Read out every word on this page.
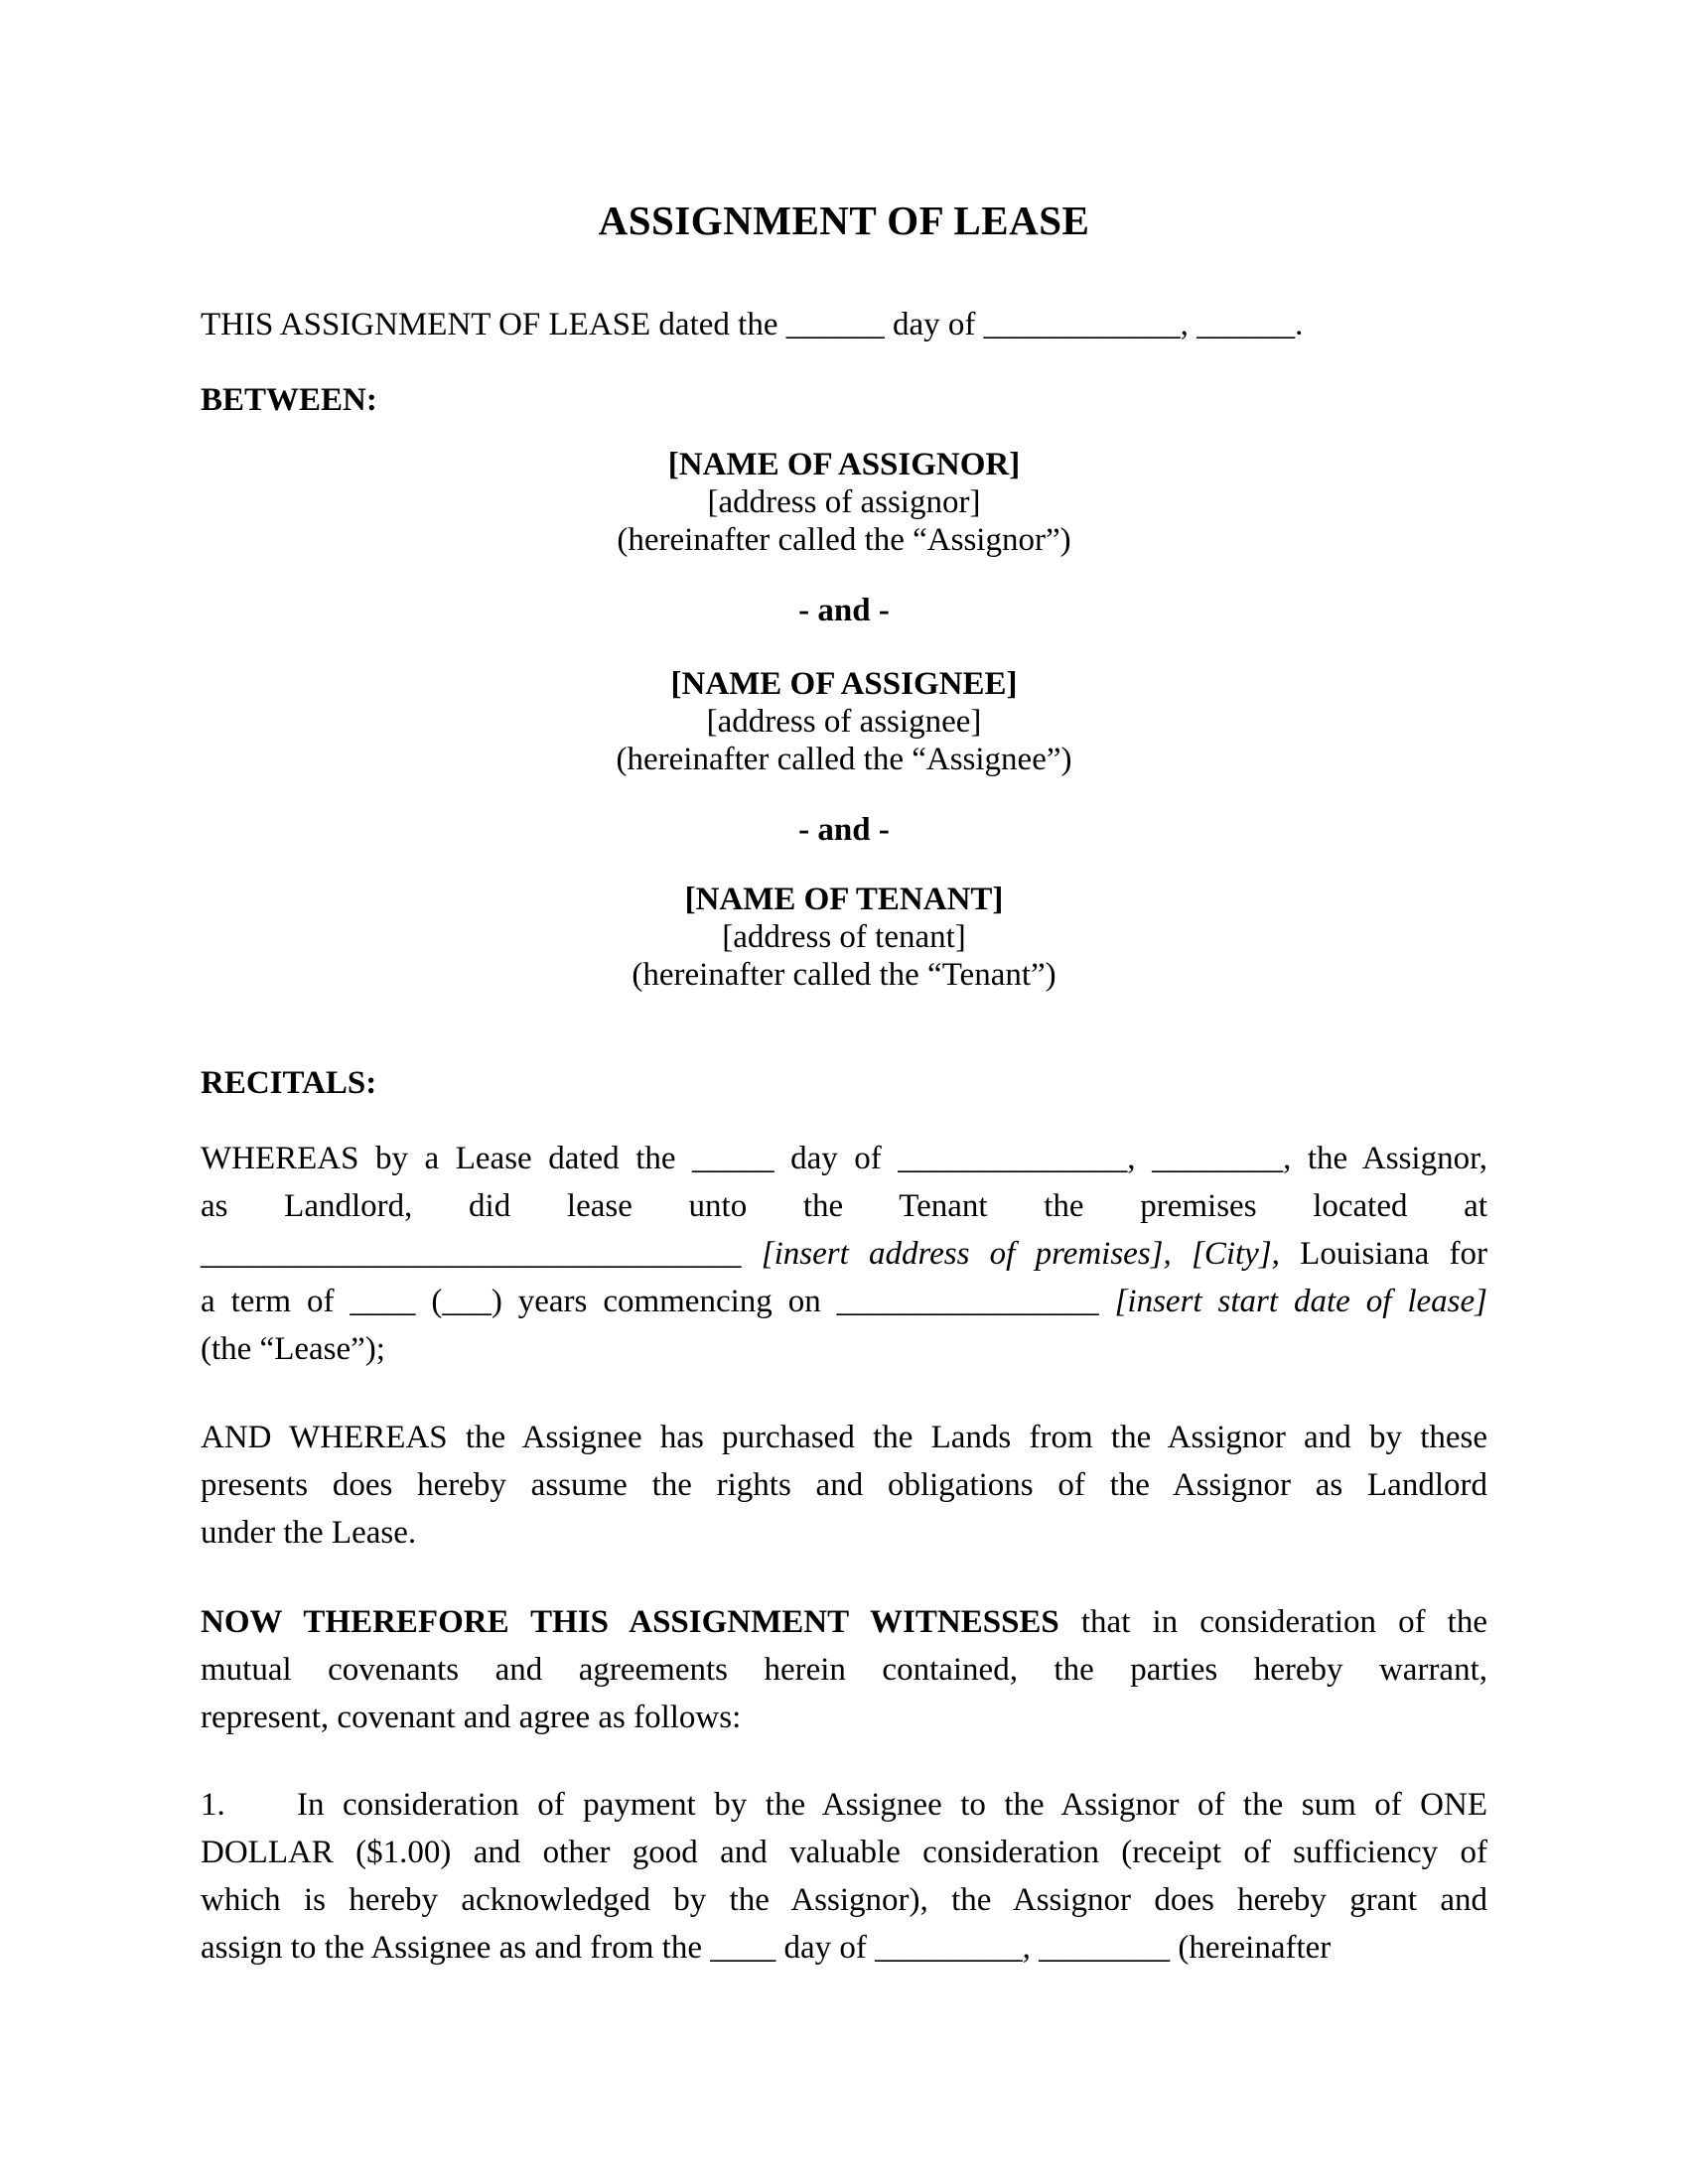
ASSIGNMENT OF LEASE
THIS ASSIGNMENT OF LEASE dated the ______ day of ____________, ______.
BETWEEN:
[NAME OF ASSIGNOR]
[address of assignor]
(hereinafter called the “Assignor”)
- and -
[NAME OF ASSIGNEE]
[address of assignee]
(hereinafter called the “Assignee”)
- and -
[NAME OF TENANT]
[address of tenant]
(hereinafter called the “Tenant”)
RECITALS:
WHEREAS by a Lease dated the _____ day of ______________, ________, the Assignor,
as Landlord, did lease unto the Tenant the premises located at
_________________________________ [insert address of premises], [City], Louisiana for
a term of ____ (___) years commencing on ________________ [insert start date of lease]
(the “Lease”);
AND WHEREAS the Assignee has purchased the Lands from the Assignor and by these
presents does hereby assume the rights and obligations of the Assignor as Landlord
under the Lease.
NOW THEREFORE THIS ASSIGNMENT WITNESSES that in consideration of the
mutual covenants and agreements herein contained, the parties hereby warrant,
represent, covenant and agree as follows:
1. In consideration of payment by the Assignee to the Assignor of the sum of ONE
DOLLAR ($1.00) and other good and valuable consideration (receipt of sufficiency of
which is hereby acknowledged by the Assignor), the Assignor does hereby grant and
assign to the Assignee as and from the ____ day of _________, ________ (hereinafter
